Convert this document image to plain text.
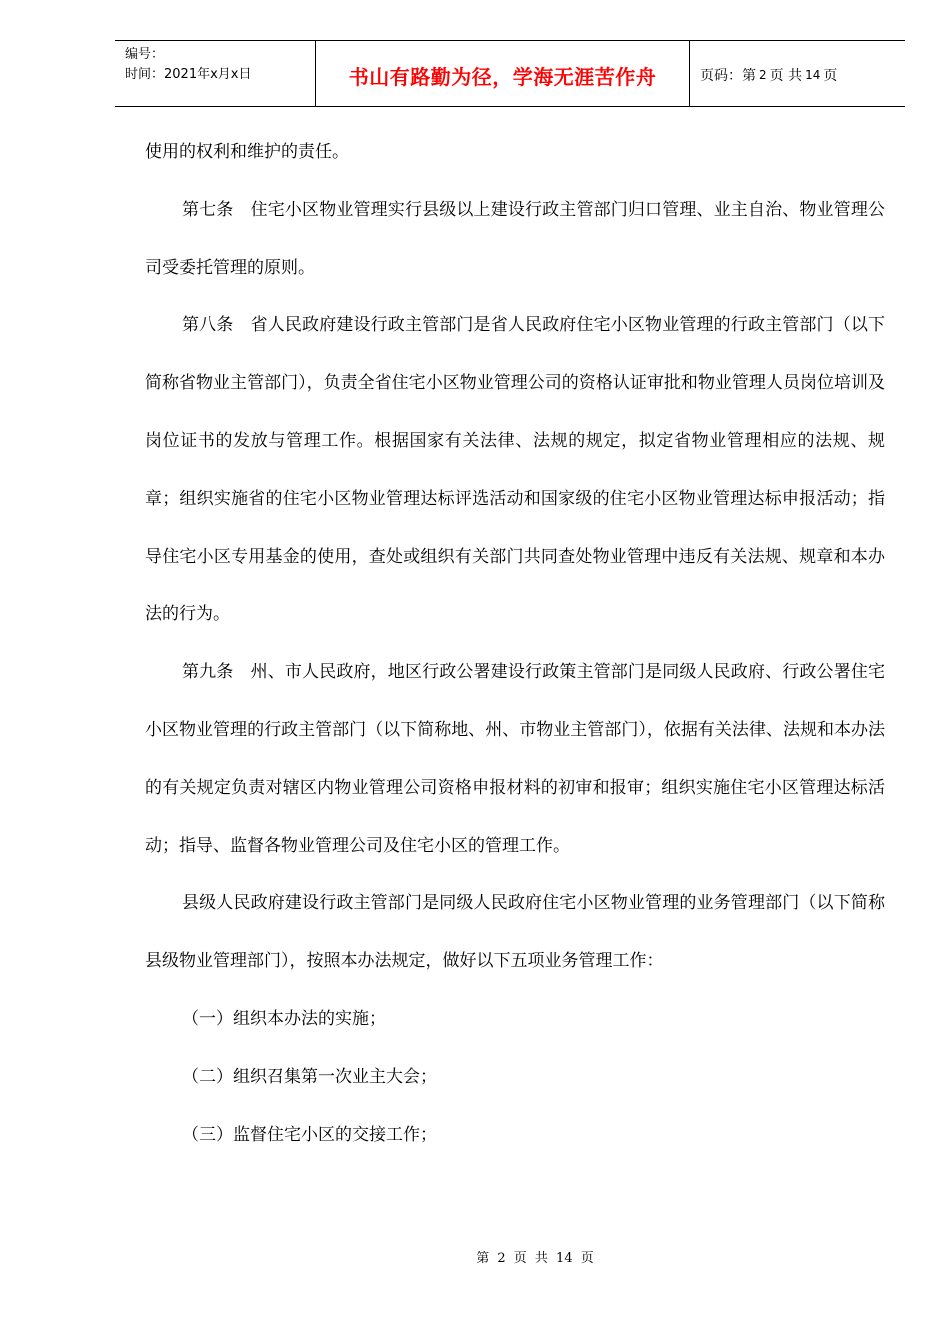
编号：
时间：2021年x月x日	书山有路勤为径，学海无涯苦作舟	页码：第 2 页 共 14 页

使用的权利和维护的责任。

第七条　住宅小区物业管理实行县级以上建设行政主管部门归口管理、业主自治、物业管理公司受委托管理的原则。

第八条　省人民政府建设行政主管部门是省人民政府住宅小区物业管理的行政主管部门（以下简称省物业主管部门），负责全省住宅小区物业管理公司的资格认证审批和物业管理人员岗位培训及岗位证书的发放与管理工作。根据国家有关法律、法规的规定，拟定省物业管理相应的法规、规章；组织实施省的住宅小区物业管理达标评选活动和国家级的住宅小区物业管理达标申报活动；指导住宅小区专用基金的使用，查处或组织有关部门共同查处物业管理中违反有关法规、规章和本办法的行为。

第九条　州、市人民政府，地区行政公署建设行政策主管部门是同级人民政府、行政公署住宅小区物业管理的行政主管部门（以下简称地、州、市物业主管部门），依据有关法律、法规和本办法的有关规定负责对辖区内物业管理公司资格申报材料的初审和报审；组织实施住宅小区管理达标活动；指导、监督各物业管理公司及住宅小区的管理工作。

县级人民政府建设行政主管部门是同级人民政府住宅小区物业管理的业务管理部门（以下简称县级物业管理部门），按照本办法规定，做好以下五项业务管理工作：

（一）组织本办法的实施；

（二）组织召集第一次业主大会；

（三）监督住宅小区的交接工作；

第 2 页 共 14 页
